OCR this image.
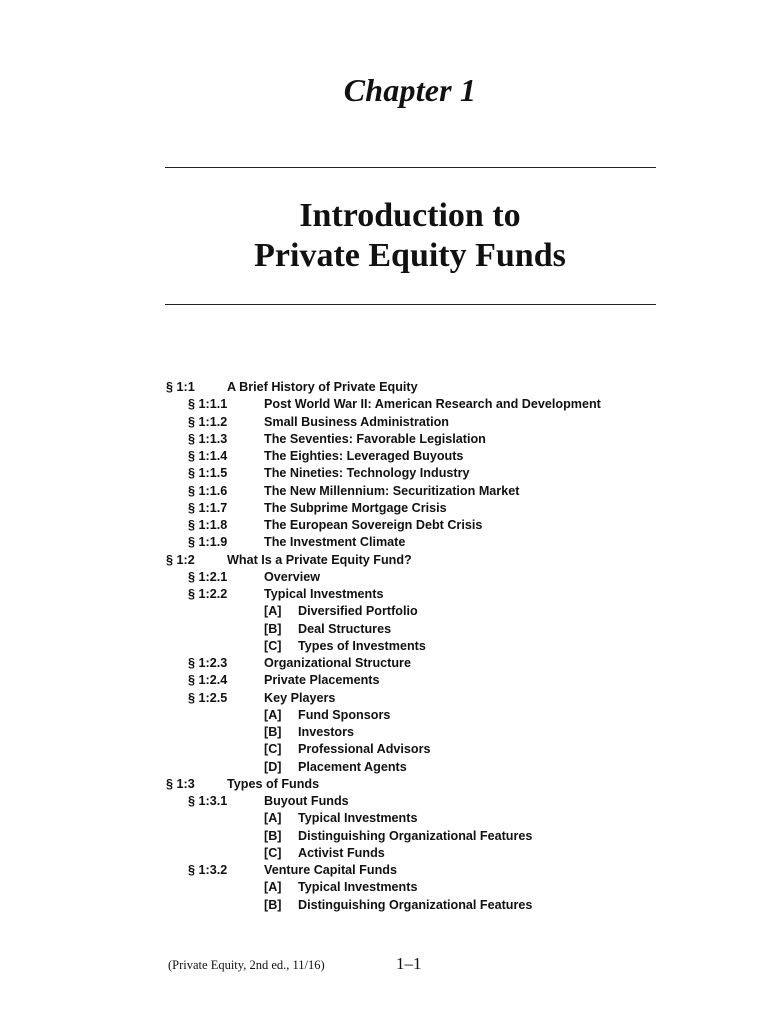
Chapter 1
Introduction to
Private Equity Funds
§ 1:1	A Brief History of Private Equity
§ 1:1.1	Post World War II: American Research and Development
§ 1:1.2	Small Business Administration
§ 1:1.3	The Seventies: Favorable Legislation
§ 1:1.4	The Eighties: Leveraged Buyouts
§ 1:1.5	The Nineties: Technology Industry
§ 1:1.6	The New Millennium: Securitization Market
§ 1:1.7	The Subprime Mortgage Crisis
§ 1:1.8	The European Sovereign Debt Crisis
§ 1:1.9	The Investment Climate
§ 1:2	What Is a Private Equity Fund?
§ 1:2.1	Overview
§ 1:2.2	Typical Investments
[A] Diversified Portfolio
[B] Deal Structures
[C] Types of Investments
§ 1:2.3	Organizational Structure
§ 1:2.4	Private Placements
§ 1:2.5	Key Players
[A] Fund Sponsors
[B] Investors
[C] Professional Advisors
[D] Placement Agents
§ 1:3	Types of Funds
§ 1:3.1	Buyout Funds
[A] Typical Investments
[B] Distinguishing Organizational Features
[C] Activist Funds
§ 1:3.2	Venture Capital Funds
[A] Typical Investments
[B] Distinguishing Organizational Features
(Private Equity, 2nd ed., 11/16)	1–1
